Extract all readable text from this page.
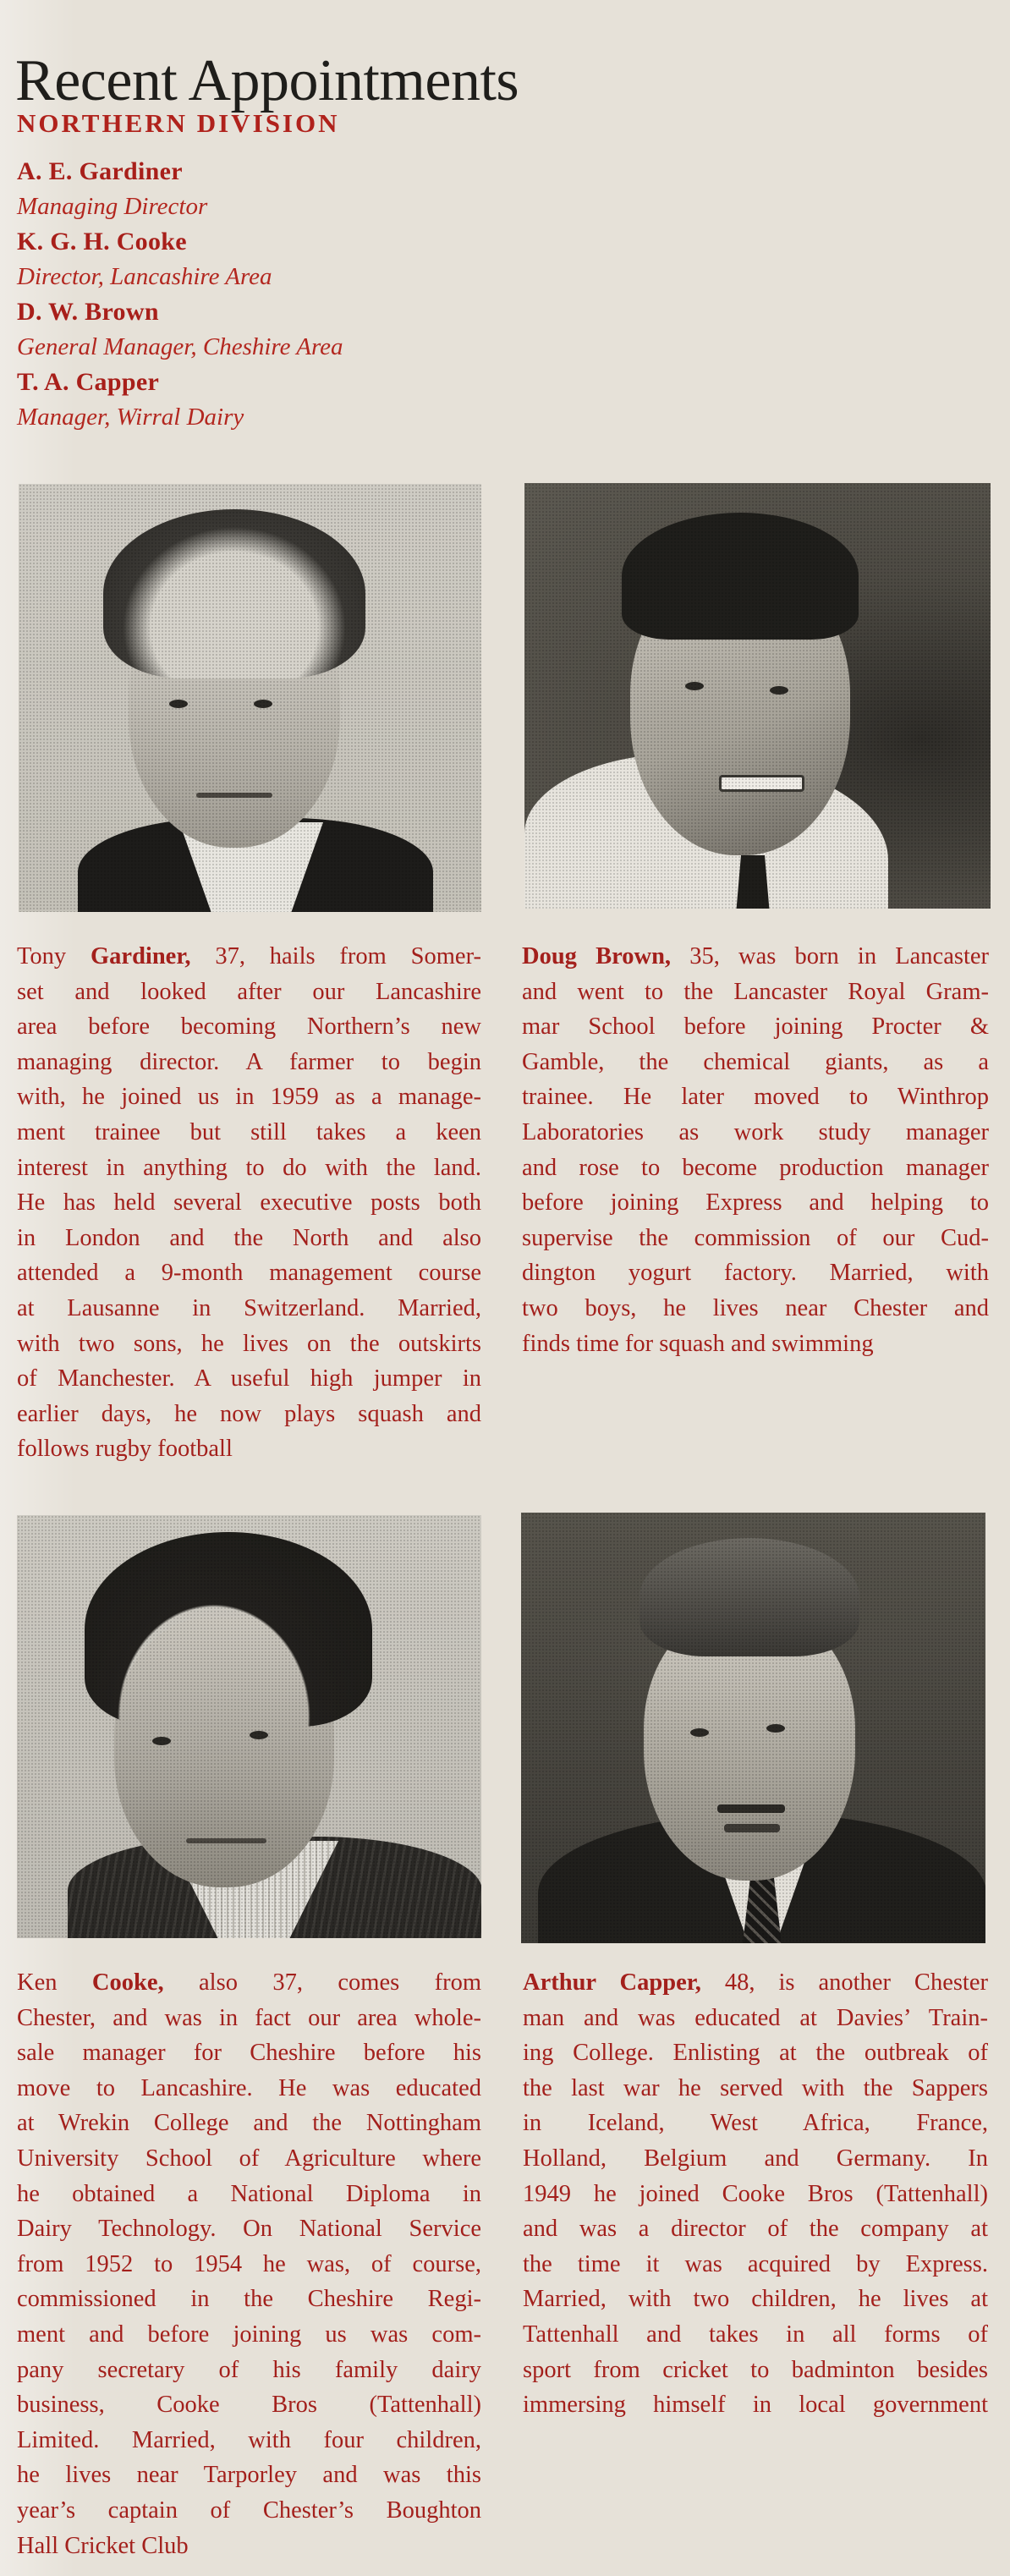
Recent Appointments
NORTHERN DIVISION
A. E. Gardiner
Managing Director
K. G. H. Cooke
Director, Lancashire Area
D. W. Brown
General Manager, Cheshire Area
T. A. Capper
Manager, Wirral Dairy
Tony Gardiner, 37, hails from Somer-
set and looked after our Lancashire
area before becoming Northern’s new
managing director. A farmer to begin
with, he joined us in 1959 as a manage-
ment trainee but still takes a keen
interest in anything to do with the land.
He has held several executive posts both
in London and the North and also
attended a 9-month management course
at Lausanne in Switzerland. Married,
with two sons, he lives on the outskirts
of Manchester. A useful high jumper in
earlier days, he now plays squash and
follows rugby football
Doug Brown, 35, was born in Lancaster
and went to the Lancaster Royal Gram-
mar School before joining Procter &
Gamble, the chemical giants, as a
trainee. He later moved to Winthrop
Laboratories as work study manager
and rose to become production manager
before joining Express and helping to
supervise the commission of our Cud-
dington yogurt factory. Married, with
two boys, he lives near Chester and
finds time for squash and swimming
Ken Cooke, also 37, comes from
Chester, and was in fact our area whole-
sale manager for Cheshire before his
move to Lancashire. He was educated
at Wrekin College and the Nottingham
University School of Agriculture where
he obtained a National Diploma in
Dairy Technology. On National Service
from 1952 to 1954 he was, of course,
commissioned in the Cheshire Regi-
ment and before joining us was com-
pany secretary of his family dairy
business, Cooke Bros (Tattenhall)
Limited. Married, with four children,
he lives near Tarporley and was this
year’s captain of Chester’s Boughton
Hall Cricket Club
Arthur Capper, 48, is another Chester
man and was educated at Davies’ Train-
ing College. Enlisting at the outbreak of
the last war he served with the Sappers
in Iceland, West Africa, France,
Holland, Belgium and Germany. In
1949 he joined Cooke Bros (Tattenhall)
and was a director of the company at
the time it was acquired by Express.
Married, with two children, he lives at
Tattenhall and takes in all forms of
sport from cricket to badminton besides
immersing himself in local government
